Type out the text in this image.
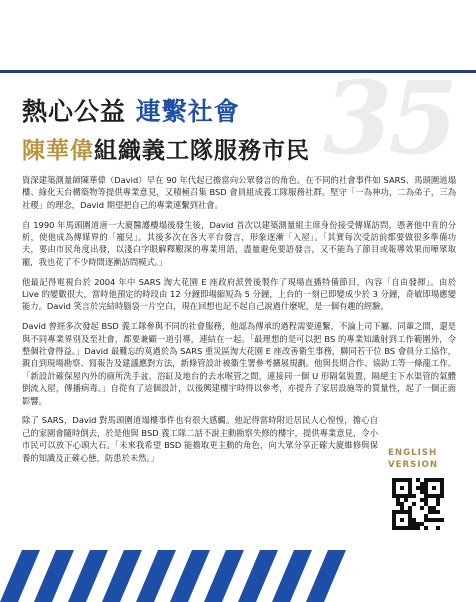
35
熱心公益 連繫社會
陳華偉組織義工隊服務市民

資深建築測量師陳華偉（David）早在 90 年代起已擔當向公眾發言的角色。在不同的社會事件如 SARS、馬頭圍道塌樓、綠化天台構築物等提供專業意見，又積極召集 BSD 會員組成義工隊服務社群。堅守「一為神功，二為弟子，三為社稷」的理念，David 期望把自己的專業連繫到社會。

自 1990 年馬頭圍道唐一大廈醫護樓塌後發生後，David 首次以建築測量組主席身份接受傳媒訪問，憑著他中肯的分析，使他成為傳媒界的「寵兒」。其後多次在各大平台發言，形象逐漸「入屋」。「其實每次受訪前都要做很多準備功夫，要由市民角度出發，以淺白字眼解釋艱深的專業用語，盡量避免要語發言，又不能為了節目或報導效果而嘩眾取寵，我也花了不少時間逐漸訪問模式。」

他最記得電視台於 2004 年中 SARS 淘大花園 E 座政府派營後製作了現場直播特備節目，內容「自由發揮」。由於 Live 的變數很大，當時他預定的時段由 12 分鐘即場縮短為 5 分鐘，上台的一刻已即變成少於 3 分鐘，奇敏即場應變能力。David 笑言於完結時腦袋一片空白，現在回想也記不起自己說過什麼呢，是一個有趣的經驗。

David 曾經多次發起 BSD 義工隊參與不同的社會服務，他認為傳承的過程需要連繫，不論上司下屬、同輩之間，還是與不同專業界別及至社會，都要兼顧一道引導，連結在一起。「最理想的是可以把 BS 的專業知識射到工作範圍外，令整個社會得益。」David 最難忘的莫過於為 SARS 重災區淘大花園 E 座改善衛生事務，聯同若干位 BS 會員分工協作，親自到現場勘察、寫報告及建議應對方法，新條管設計被衞生署參考擴展規劃。他與長期合作、協助工等一條龍工作。「新設計確保屋內外的廁所洗手盆，浴缸及地台的去水喉管之間，連接同一個 U 形隔氣裝置，隔絕主下水渠管的氣體倒流入屋，傳播病毒。」自從有了這個設計，以後興建樓宇時得以參考，亦提升了家居設施等的質量性，起了一個正面影響。

除了 SARS，David 對馬頭圍道塌樓事件也有很大感觸。他記得當時附近居民人心惶惶，擔心自己的家園會隨時倒去，於是他與 BSD 義工隊二話不說主動勘察失修的樓宇，提供專業意見，令小市民可以放下心頭大石。「未來我希望 BSD 能擔取更主動的角色，向大眾分享正確大廈維修與保養的知識及正確心態，防患於未然。」	ENGLISH
VERSION
